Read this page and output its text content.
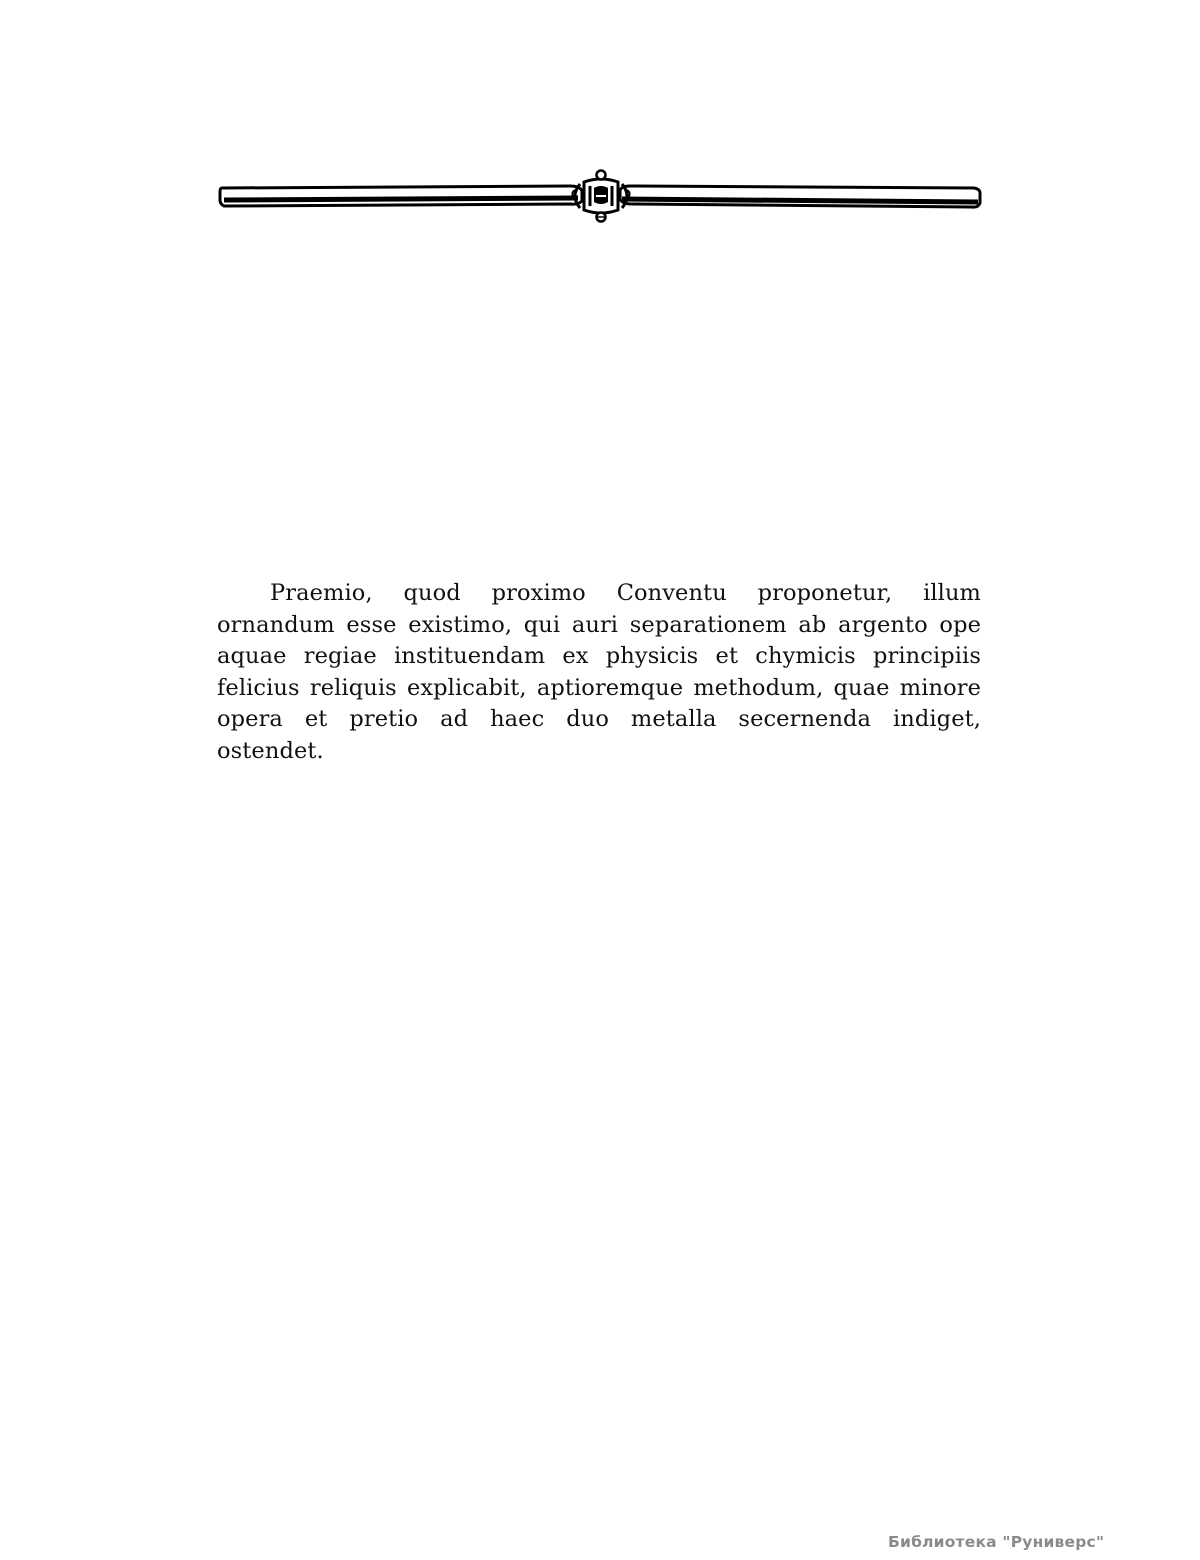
Praemio, quod proximo Conventu proponetur, illum ornandum esse existimo, qui auri separationem ab argento ope aquae regiae instituendam ex physicis et chymicis principiis felicius reliquis explicabit, aptioremque methodum, quae minore opera et pretio ad haec duo metalla secernenda indiget, ostendet.

Библиотека "Руниверс"
